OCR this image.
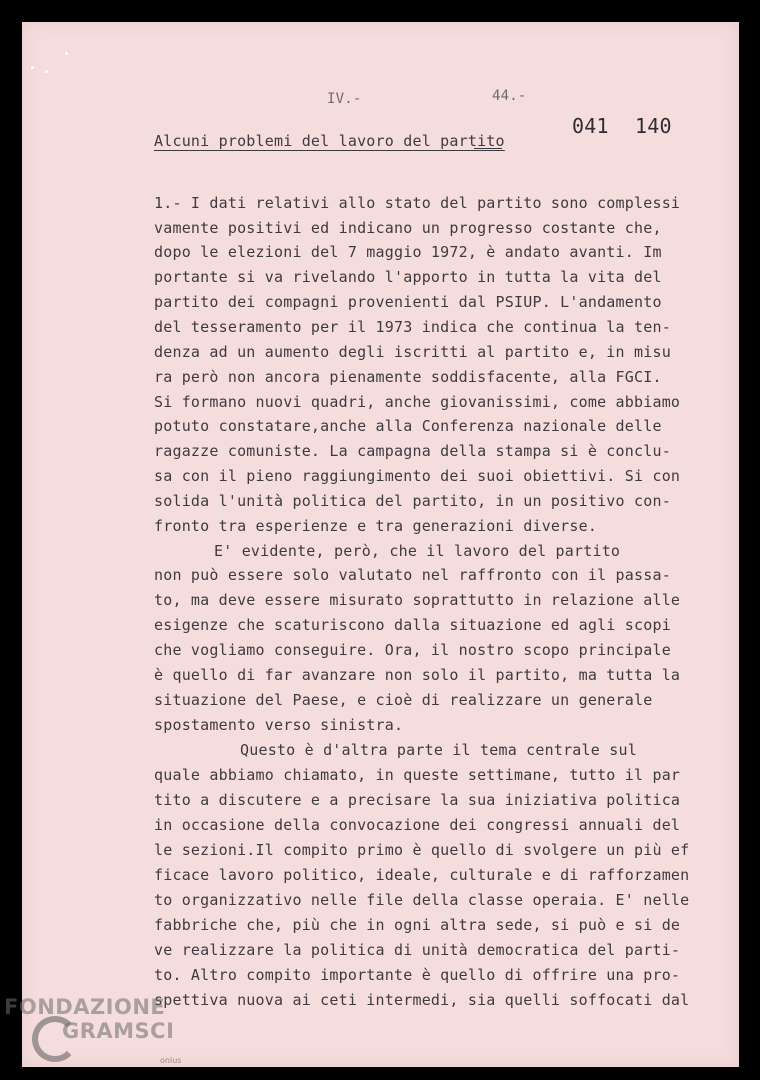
IV.-	44.-
041 140
Alcuni problemi del lavoro del partito
1.- I dati relativi allo stato del partito sono complessi
vamente positivi ed indicano un progresso costante che,
dopo le elezioni del 7 maggio 1972, è andato avanti. Im
portante si va rivelando l'apporto in tutta la vita del
partito dei compagni provenienti dal PSIUP. L'andamento
del tesseramento per il 1973 indica che continua la ten-
denza ad un aumento degli iscritti al partito e, in misu
ra però non ancora pienamente soddisfacente, alla FGCI.
Si formano nuovi quadri, anche giovanissimi, come abbiamo
potuto constatare,anche alla Conferenza nazionale delle
ragazze comuniste. La campagna della stampa si è conclu-
sa con il pieno raggiungimento dei suoi obiettivi. Si con
solida l'unità politica del partito, in un positivo con-
fronto tra esperienze e tra generazioni diverse.
E' evidente, però, che il lavoro del partito
non può essere solo valutato nel raffronto con il passa-
to, ma deve essere misurato soprattutto in relazione alle
esigenze che scaturiscono dalla situazione ed agli scopi
che vogliamo conseguire. Ora, il nostro scopo principale
è quello di far avanzare non solo il partito, ma tutta la
situazione del Paese, e cioè di realizzare un generale
spostamento verso sinistra.
Questo è d'altra parte il tema centrale sul
quale abbiamo chiamato, in queste settimane, tutto il par
tito a discutere e a precisare la sua iniziativa politica
in occasione della convocazione dei congressi annuali del
le sezioni.Il compito primo è quello di svolgere un più ef
ficace lavoro politico, ideale, culturale e di rafforzamen
to organizzativo nelle file della classe operaia. E' nelle
fabbriche che, più che in ogni altra sede, si può e si de
ve realizzare la politica di unità democratica del parti-
to. Altro compito importante è quello di offrire una pro-
spettiva nuova ai ceti intermedi, sia quelli soffocati dal
FONDAZIONE
GRAMSCI
onlus
